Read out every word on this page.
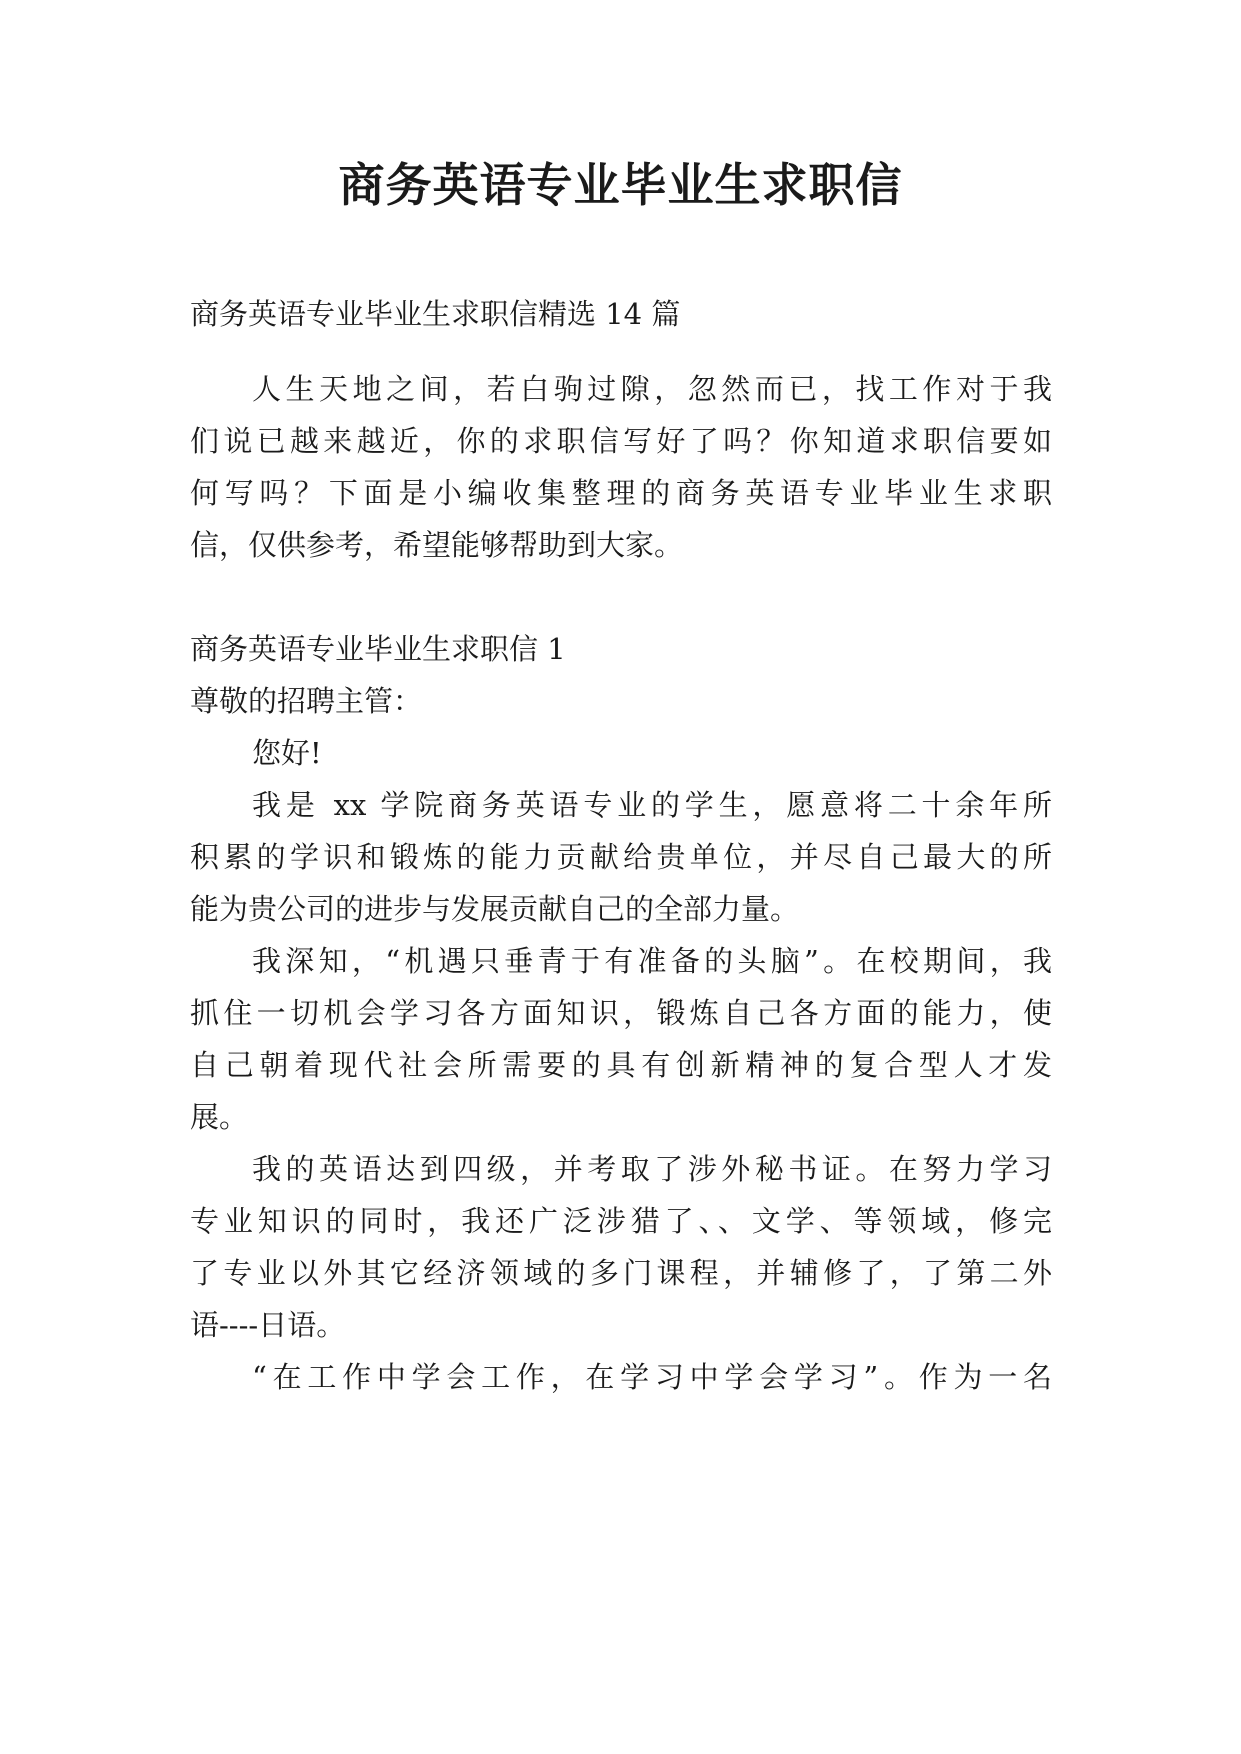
商务英语专业毕业生求职信
商务英语专业毕业生求职信精选 14 篇
人生天地之间，若白驹过隙，忽然而已，找工作对于我
们说已越来越近，你的求职信写好了吗？你知道求职信要如
何写吗？下面是小编收集整理的商务英语专业毕业生求职
信，仅供参考，希望能够帮助到大家。
商务英语专业毕业生求职信 1
尊敬的招聘主管：
您好!
我是 xx 学院商务英语专业的学生，愿意将二十余年所
积累的学识和锻炼的能力贡献给贵单位，并尽自己最大的所
能为贵公司的进步与发展贡献自己的全部力量。
我深知，“机遇只垂青于有准备的头脑”。在校期间，我
抓住一切机会学习各方面知识，锻炼自己各方面的能力，使
自己朝着现代社会所需要的具有创新精神的复合型人才发
展。
我的英语达到四级，并考取了涉外秘书证。在努力学习
专业知识的同时，我还广泛涉猎了、、文学、等领域，修完
了专业以外其它经济领域的多门课程，并辅修了，了第二外
语----日语。
“在工作中学会工作，在学习中学会学习”。作为一名
